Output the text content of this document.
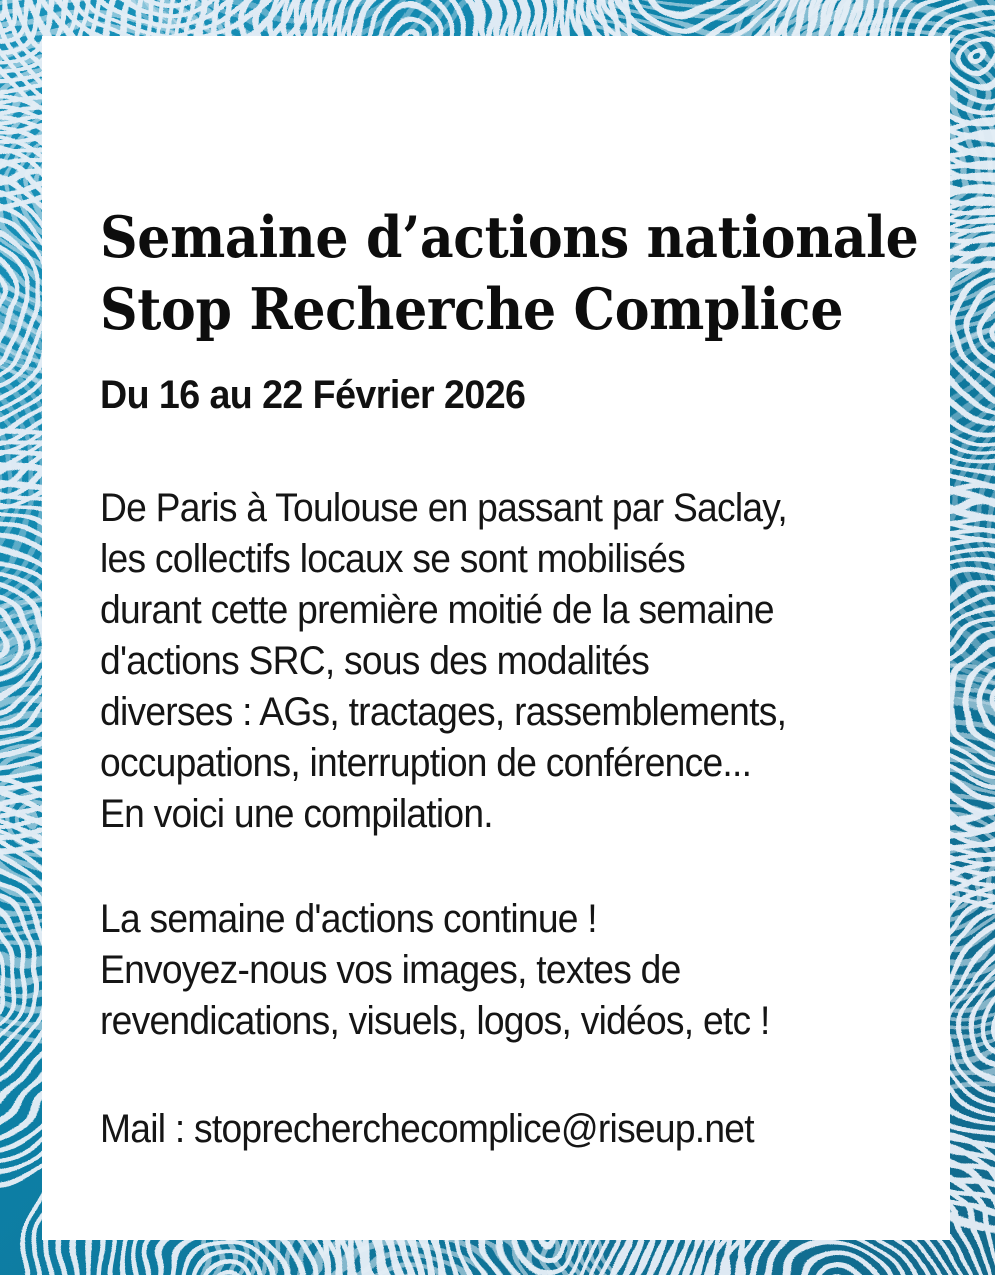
Semaine d’actions nationale
Stop Recherche Complice
Du 16 au 22 Février 2026
De Paris à Toulouse en passant par Saclay,
les collectifs locaux se sont mobilisés
durant cette première moitié de la semaine
d'actions SRC, sous des modalités
diverses : AGs, tractages, rassemblements,
occupations, interruption de conférence...
En voici une compilation.
La semaine d'actions continue !
Envoyez-nous vos images, textes de
revendications, visuels, logos, vidéos, etc !
Mail : stoprecherchecomplice@riseup.net
